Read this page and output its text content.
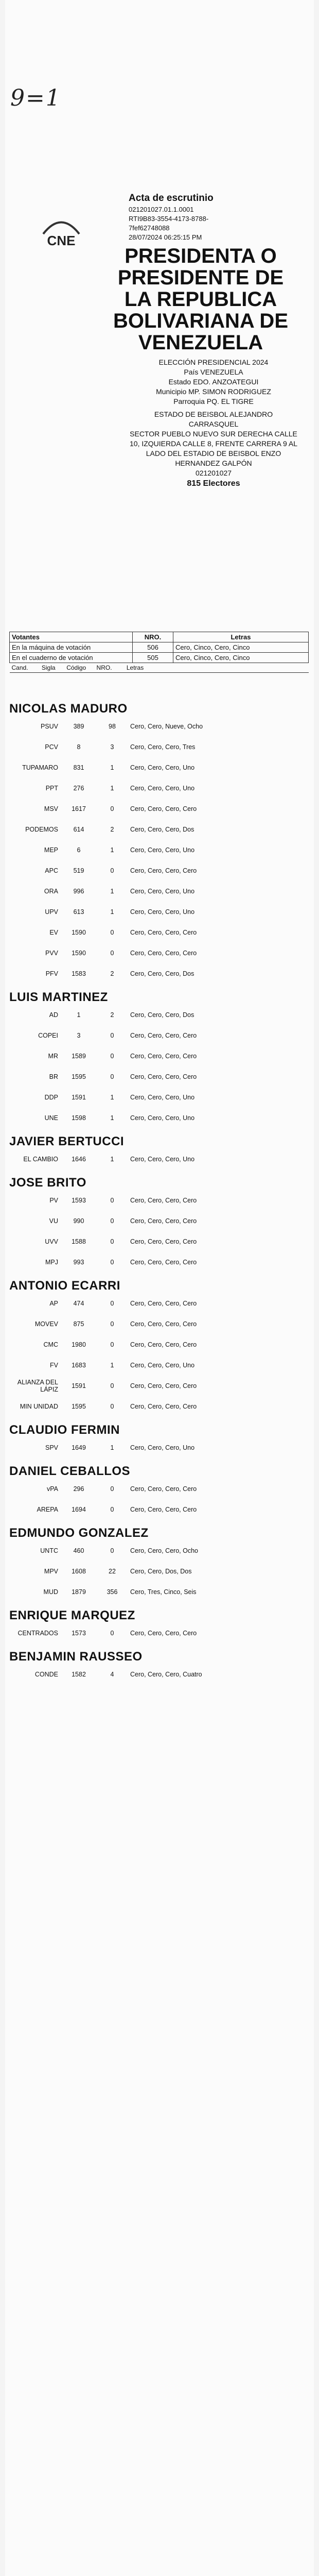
9=1
CNE
Acta de escrutinio
021201027.01.1.0001
RTI9B83-3554-4173-8788-
7fef62748088
28/07/2024 06:25:15 PM
PRESIDENTA O PRESIDENTE DE LA REPUBLICA BOLIVARIANA DE VENEZUELA
ELECCIÓN PRESIDENCIAL 2024
País VENEZUELA
Estado EDO. ANZOATEGUI
Municipio MP. SIMON RODRIGUEZ
Parroquia PQ. EL TIGRE
ESTADO DE BEISBOL ALEJANDRO CARRASQUEL
SECTOR PUEBLO NUEVO SUR DERECHA CALLE 10, IZQUIERDA CALLE 8, FRENTE CARRERA 9 AL LADO DEL ESTADIO DE BEISBOL ENZO HERNANDEZ GALPÓN
021201027
815 Electores
Votantes	NRO.	Letras
En la máquina de votación	506	Cero, Cinco, Cero, Cinco
En el cuaderno de votación	505	Cero, Cinco, Cero, Cinco
Cand. Sigla Código NRO. Letras		
NICOLAS MADURO
PSUV	389	98	Cero, Cero, Nueve, Ocho
PCV	8	3	Cero, Cero, Cero, Tres
TUPAMARO	831	1	Cero, Cero, Cero, Uno
PPT	276	1	Cero, Cero, Cero, Uno
MSV	1617	0	Cero, Cero, Cero, Cero
PODEMOS	614	2	Cero, Cero, Cero, Dos
MEP	6	1	Cero, Cero, Cero, Uno
APC	519	0	Cero, Cero, Cero, Cero
ORA	996	1	Cero, Cero, Cero, Uno
UPV	613	1	Cero, Cero, Cero, Uno
EV	1590	0	Cero, Cero, Cero, Cero
PVV	1590	0	Cero, Cero, Cero, Cero
PFV	1583	2	Cero, Cero, Cero, Dos
LUIS MARTINEZ
AD	1	2	Cero, Cero, Cero, Dos
COPEI	3	0	Cero, Cero, Cero, Cero
MR	1589	0	Cero, Cero, Cero, Cero
BR	1595	0	Cero, Cero, Cero, Cero
DDP	1591	1	Cero, Cero, Cero, Uno
UNE	1598	1	Cero, Cero, Cero, Uno
JAVIER BERTUCCI
EL CAMBIO	1646	1	Cero, Cero, Cero, Uno
JOSE BRITO
PV	1593	0	Cero, Cero, Cero, Cero
VU	990	0	Cero, Cero, Cero, Cero
UVV	1588	0	Cero, Cero, Cero, Cero
MPJ	993	0	Cero, Cero, Cero, Cero
ANTONIO ECARRI
AP	474	0	Cero, Cero, Cero, Cero
MOVEV	875	0	Cero, Cero, Cero, Cero
CMC	1980	0	Cero, Cero, Cero, Cero
FV	1683	1	Cero, Cero, Cero, Uno
ALIANZA DEL LÁPIZ	1591	0	Cero, Cero, Cero, Cero
MIN UNIDAD	1595	0	Cero, Cero, Cero, Cero
CLAUDIO FERMIN
SPV	1649	1	Cero, Cero, Cero, Uno
DANIEL CEBALLOS
vPA	296	0	Cero, Cero, Cero, Cero
AREPA	1694	0	Cero, Cero, Cero, Cero
EDMUNDO GONZALEZ
UNTC	460	0	Cero, Cero, Cero, Ocho
MPV	1608	22	Cero, Cero, Dos, Dos
MUD	1879	356	Cero, Tres, Cinco, Seis
ENRIQUE MARQUEZ
CENTRADOS	1573	0	Cero, Cero, Cero, Cero
BENJAMIN RAUSSEO
CONDE	1582	4	Cero, Cero, Cero, Cuatro
